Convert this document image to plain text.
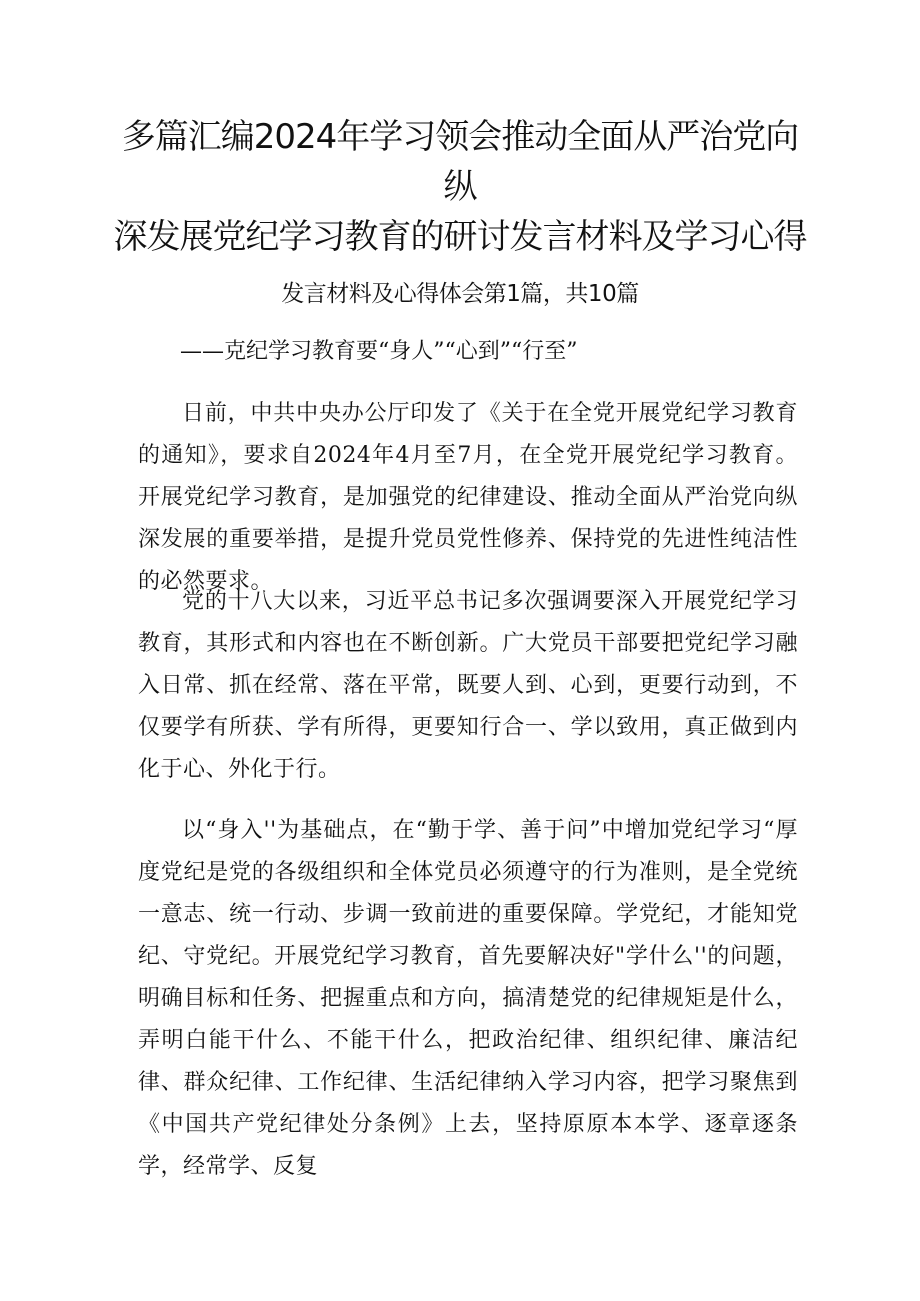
多篇汇编2024年学习领会推动全面从严治党向纵
深发展党纪学习教育的研讨发言材料及学习心得

发言材料及心得体会第1篇，共10篇

——克纪学习教育要“身人”“心到”“行至”

日前，中共中央办公厅印发了《关于在全党开展党纪学习教育的通知》，要求自2024年4月至7月，在全党开展党纪学习教育。开展党纪学习教育，是加强党的纪律建设、推动全面从严治党向纵深发展的重要举措，是提升党员党性修养、保持党的先进性纯洁性的必然要求。

党的十八大以来，习近平总书记多次强调要深入开展党纪学习教育，其形式和内容也在不断创新。广大党员干部要把党纪学习融入日常、抓在经常、落在平常，既要人到、心到，更要行动到，不仅要学有所获、学有所得，更要知行合一、学以致用，真正做到内化于心、外化于行。

以“身入''为基础点，在“勤于学、善于问”中增加党纪学习“厚度党纪是党的各级组织和全体党员必须遵守的行为准则，是全党统一意志、统一行动、步调一致前进的重要保障。学党纪，才能知党纪、守党纪。开展党纪学习教育，首先要解决好"学什么''的问题，明确目标和任务、把握重点和方向，搞清楚党的纪律规矩是什么，弄明白能干什么、不能干什么，把政治纪律、组织纪律、廉洁纪律、群众纪律、工作纪律、生活纪律纳入学习内容，把学习聚焦到《中国共产党纪律处分条例》上去，坚持原原本本学、逐章逐条学，经常学、反复
